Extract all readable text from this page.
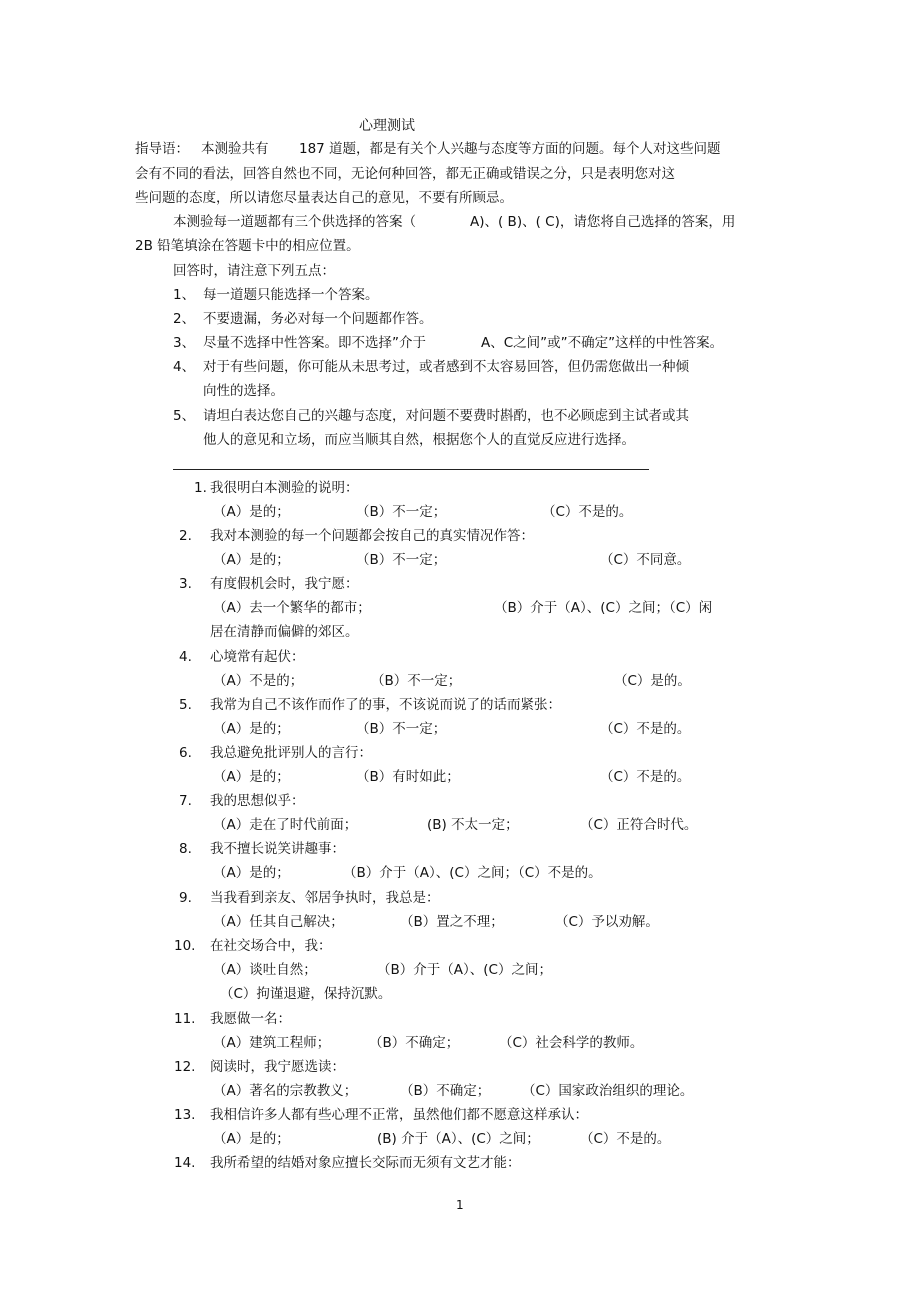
心理测试
指导语： 本测验共有 187 道题，都是有关个人兴趣与态度等方面的问题。每个人对这些问题
会有不同的看法，回答自然也不同，无论何种回答，都无正确或错误之分，只是表明您对这
些问题的态度，所以请您尽量表达自己的意见，不要有所顾忌。
本测验每一道题都有三个供选择的答案（	A)、( B)、( C)，请您将自己选择的答案，用
2B 铅笔填涂在答题卡中的相应位置。
回答时，请注意下列五点：
1、 每一道题只能选择一个答案。
2、 不要遗漏，务必对每一个问题都作答。
3、 尽量不选择中性答案。即不选择”介于	A、C之间”或”不确定”这样的中性答案。
4、 对于有些问题，你可能从未思考过，或者感到不太容易回答，但仍需您做出一种倾
向性的选择。
5、 请坦白表达您自己的兴趣与态度，对问题不要费时斟酌，也不必顾虑到主试者或其
他人的意见和立场，而应当顺其自然，根据您个人的直觉反应进行选择。
1. 我很明白本测验的说明：
（A）是的；	（B）不一定；	（C）不是的。
2. 我对本测验的每一个问题都会按自己的真实情况作答：
（A）是的；	（B）不一定；	（C）不同意。
3. 有度假机会时，我宁愿：
（A）去一个繁华的都市；	（B）介于（A）、(C）之间；（C）闲
居在清静而偏僻的郊区。
4. 心境常有起伏：
（A）不是的；	（B）不一定；	（C）是的。
5. 我常为自己不该作而作了的事，不该说而说了的话而紧张：
（A）是的；	（B）不一定；	（C）不是的。
6. 我总避免批评别人的言行：
（A）是的；	（B）有时如此；	（C）不是的。
7. 我的思想似乎：
（A）走在了时代前面；	(B) 不太一定；	（C）正符合时代。
8. 我不擅长说笑讲趣事：
（A）是的；	（B）介于（A）、(C）之间；（C）不是的。
9. 当我看到亲友、邻居争执时，我总是：
（A）任其自己解决；	（B）置之不理；	（C）予以劝解。
10. 在社交场合中，我：
（A）谈吐自然；	（B）介于（A）、(C）之间；
（C）拘谨退避，保持沉默。
11. 我愿做一名：
（A）建筑工程师；	（B）不确定；	（C）社会科学的教师。
12. 阅读时，我宁愿选读：
（A）著名的宗教教义；	（B）不确定； （C）国家政治组织的理论。
13. 我相信许多人都有些心理不正常，虽然他们都不愿意这样承认：
（A）是的；	(B) 介于（A）、(C）之间；	（C）不是的。
14. 我所希望的结婚对象应擅长交际而无须有文艺才能：
1
